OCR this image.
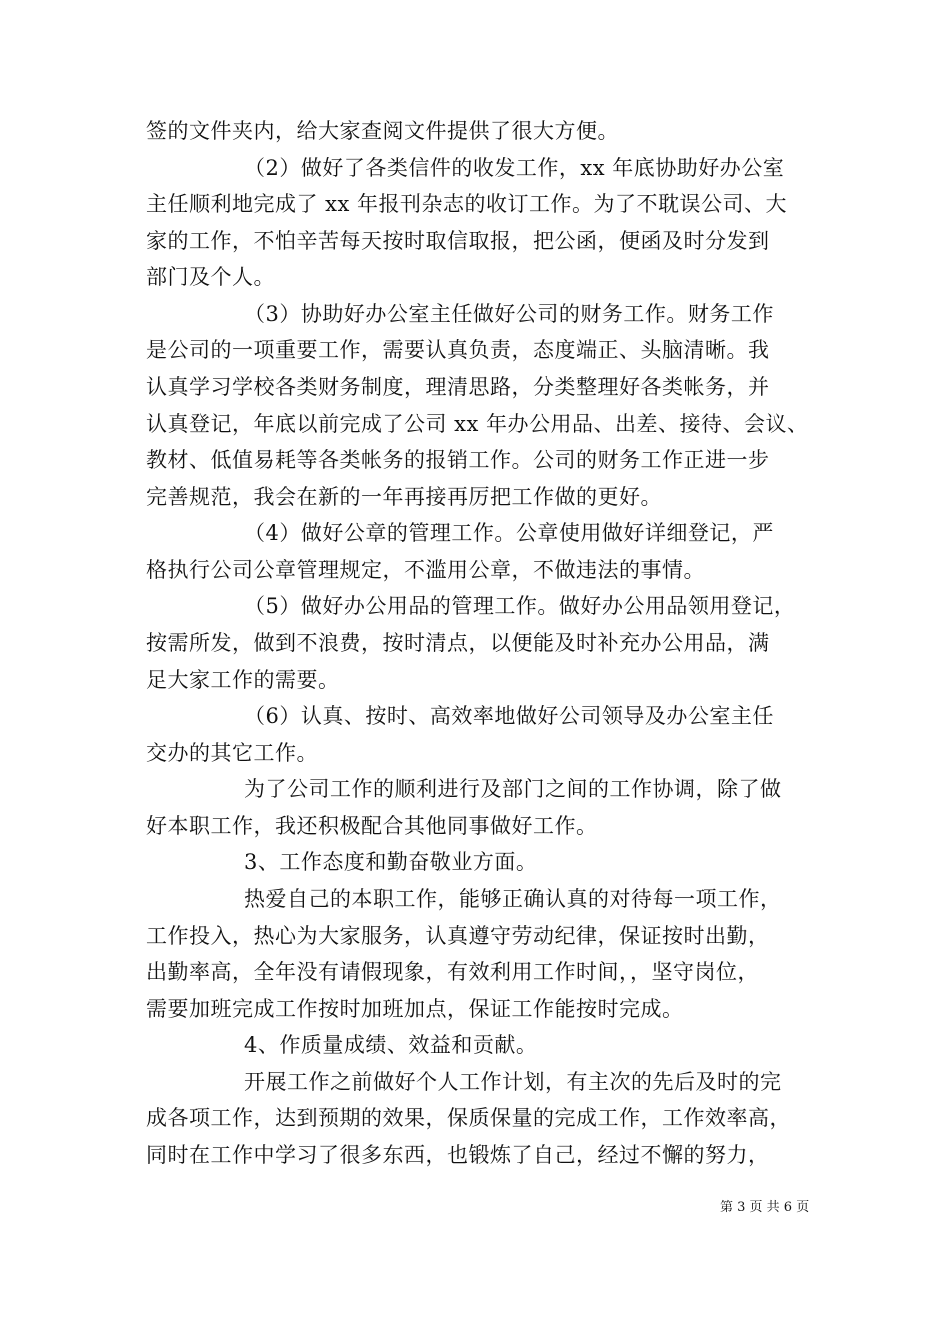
签的文件夹内，给大家查阅文件提供了很大方便。
（2）做好了各类信件的收发工作，xx 年底协助好办公室
主任顺利地完成了 xx 年报刊杂志的收订工作。为了不耽误公司、大
家的工作，不怕辛苦每天按时取信取报，把公函，便函及时分发到
部门及个人。
（3）协助好办公室主任做好公司的财务工作。财务工作
是公司的一项重要工作，需要认真负责，态度端正、头脑清晰。我
认真学习学校各类财务制度，理清思路，分类整理好各类帐务，并
认真登记，年底以前完成了公司 xx 年办公用品、出差、接待、会议、
教材、低值易耗等各类帐务的报销工作。公司的财务工作正进一步
完善规范，我会在新的一年再接再厉把工作做的更好。
（4）做好公章的管理工作。公章使用做好详细登记，严
格执行公司公章管理规定，不滥用公章，不做违法的事情。
（5）做好办公用品的管理工作。做好办公用品领用登记，
按需所发，做到不浪费，按时清点，以便能及时补充办公用品，满
足大家工作的需要。
（6）认真、按时、高效率地做好公司领导及办公室主任
交办的其它工作。
为了公司工作的顺利进行及部门之间的工作协调，除了做
好本职工作，我还积极配合其他同事做好工作。
3、工作态度和勤奋敬业方面。
热爱自己的本职工作，能够正确认真的对待每一项工作，
工作投入，热心为大家服务，认真遵守劳动纪律，保证按时出勤，
出勤率高，全年没有请假现象，有效利用工作时间，，坚守岗位，
需要加班完成工作按时加班加点，保证工作能按时完成。
4、作质量成绩、效益和贡献。
开展工作之前做好个人工作计划，有主次的先后及时的完
成各项工作，达到预期的效果，保质保量的完成工作，工作效率高，
同时在工作中学习了很多东西，也锻炼了自己，经过不懈的努力，
第 3 页 共 6 页
